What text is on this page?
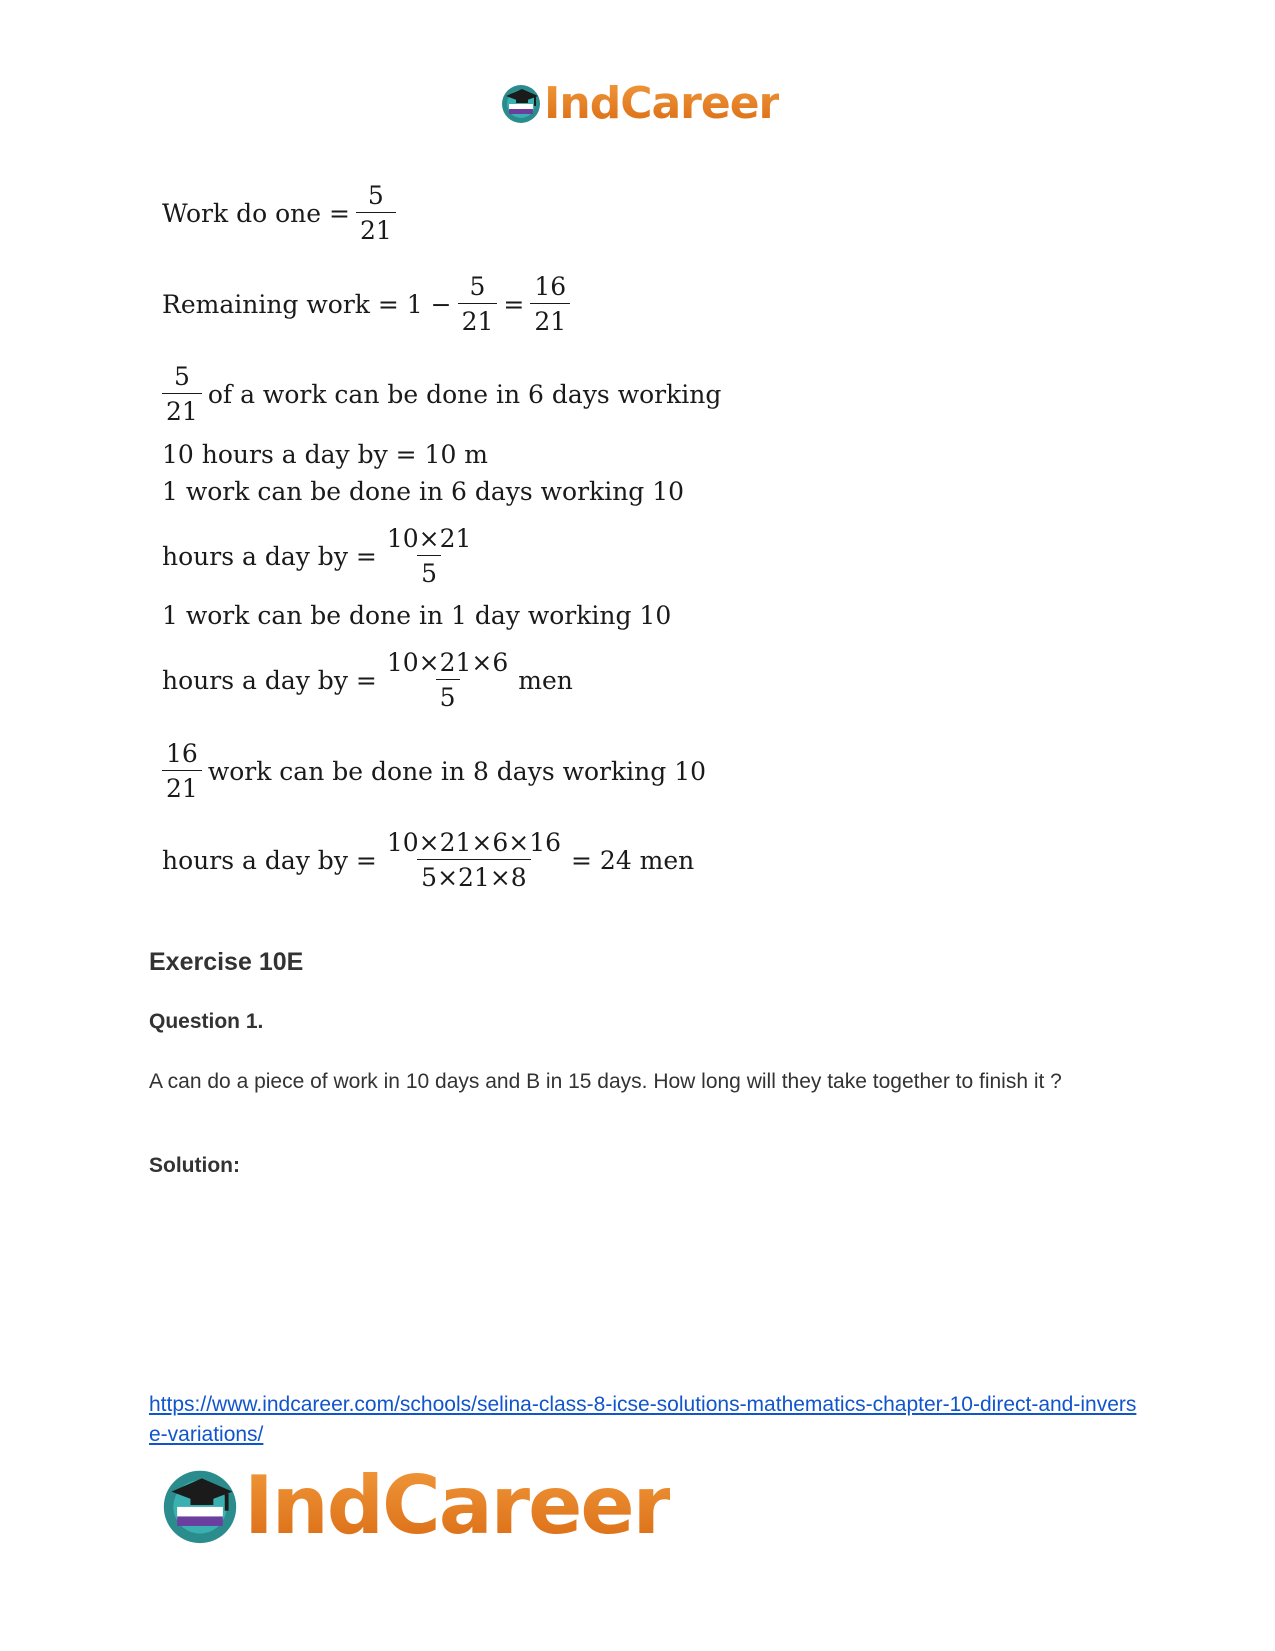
IndCareer
Work do one = $\frac{5}{21}$
Remaining work = $1 - \frac{5}{21} = \frac{16}{21}$
$\frac{5}{21}$ of a work can be done in 6 days working
10 hours a day by = 10 m
1 work can be done in 6 days working 10
hours a day by = $\frac{10\times 21}{5}$
1 work can be done in 1 day working 10
hours a day by = $\frac{10\times 21\times 6}{5}$ men
$\frac{16}{21}$ work can be done in 8 days working 10
hours a day by = $\frac{10\times 21\times 6\times 16}{5\times 21\times 8} = 24$ men
Exercise 10E
Question 1.
A can do a piece of work in 10 days and B in 15 days. How long will they take together to finish it ?
Solution:
https://www.indcareer.com/schools/selina-class-8-icse-solutions-mathematics-chapter-10-direct-and-inverse-variations/
IndCareer
